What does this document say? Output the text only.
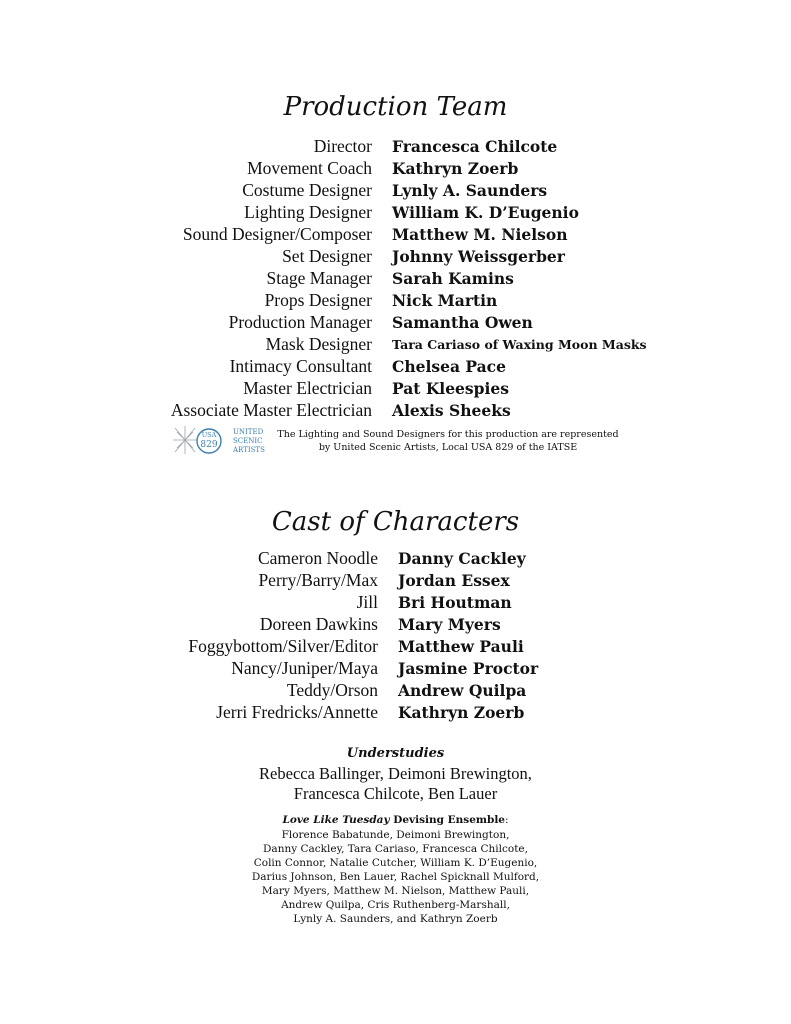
Production Team
Director Francesca Chilcote
Movement Coach Kathryn Zoerb
Costume Designer Lynly A. Saunders
Lighting Designer William K. D’Eugenio
Sound Designer/Composer Matthew M. Nielson
Set Designer Johnny Weissgerber
Stage Manager Sarah Kamins
Props Designer Nick Martin
Production Manager Samantha Owen
Mask Designer Tara Cariaso of Waxing Moon Masks
Intimacy Consultant Chelsea Pace
Master Electrician Pat Kleespies
Associate Master Electrician Alexis Sheeks
USA
829
UNITED
SCENIC
ARTISTS
The Lighting and Sound Designers for this production are represented
by United Scenic Artists, Local USA 829 of the IATSE
Cast of Characters
Cameron Noodle Danny Cackley
Perry/Barry/Max Jordan Essex
Jill Bri Houtman
Doreen Dawkins Mary Myers
Foggybottom/Silver/Editor Matthew Pauli
Nancy/Juniper/Maya Jasmine Proctor
Teddy/Orson Andrew Quilpa
Jerri Fredricks/Annette Kathryn Zoerb
Understudies
Rebecca Ballinger, Deimoni Brewington,
Francesca Chilcote, Ben Lauer
Love Like Tuesday Devising Ensemble:
Florence Babatunde, Deimoni Brewington,
Danny Cackley, Tara Cariaso, Francesca Chilcote,
Colin Connor, Natalie Cutcher, William K. D’Eugenio,
Darius Johnson, Ben Lauer, Rachel Spicknall Mulford,
Mary Myers, Matthew M. Nielson, Matthew Pauli,
Andrew Quilpa, Cris Ruthenberg-Marshall,
Lynly A. Saunders, and Kathryn Zoerb
